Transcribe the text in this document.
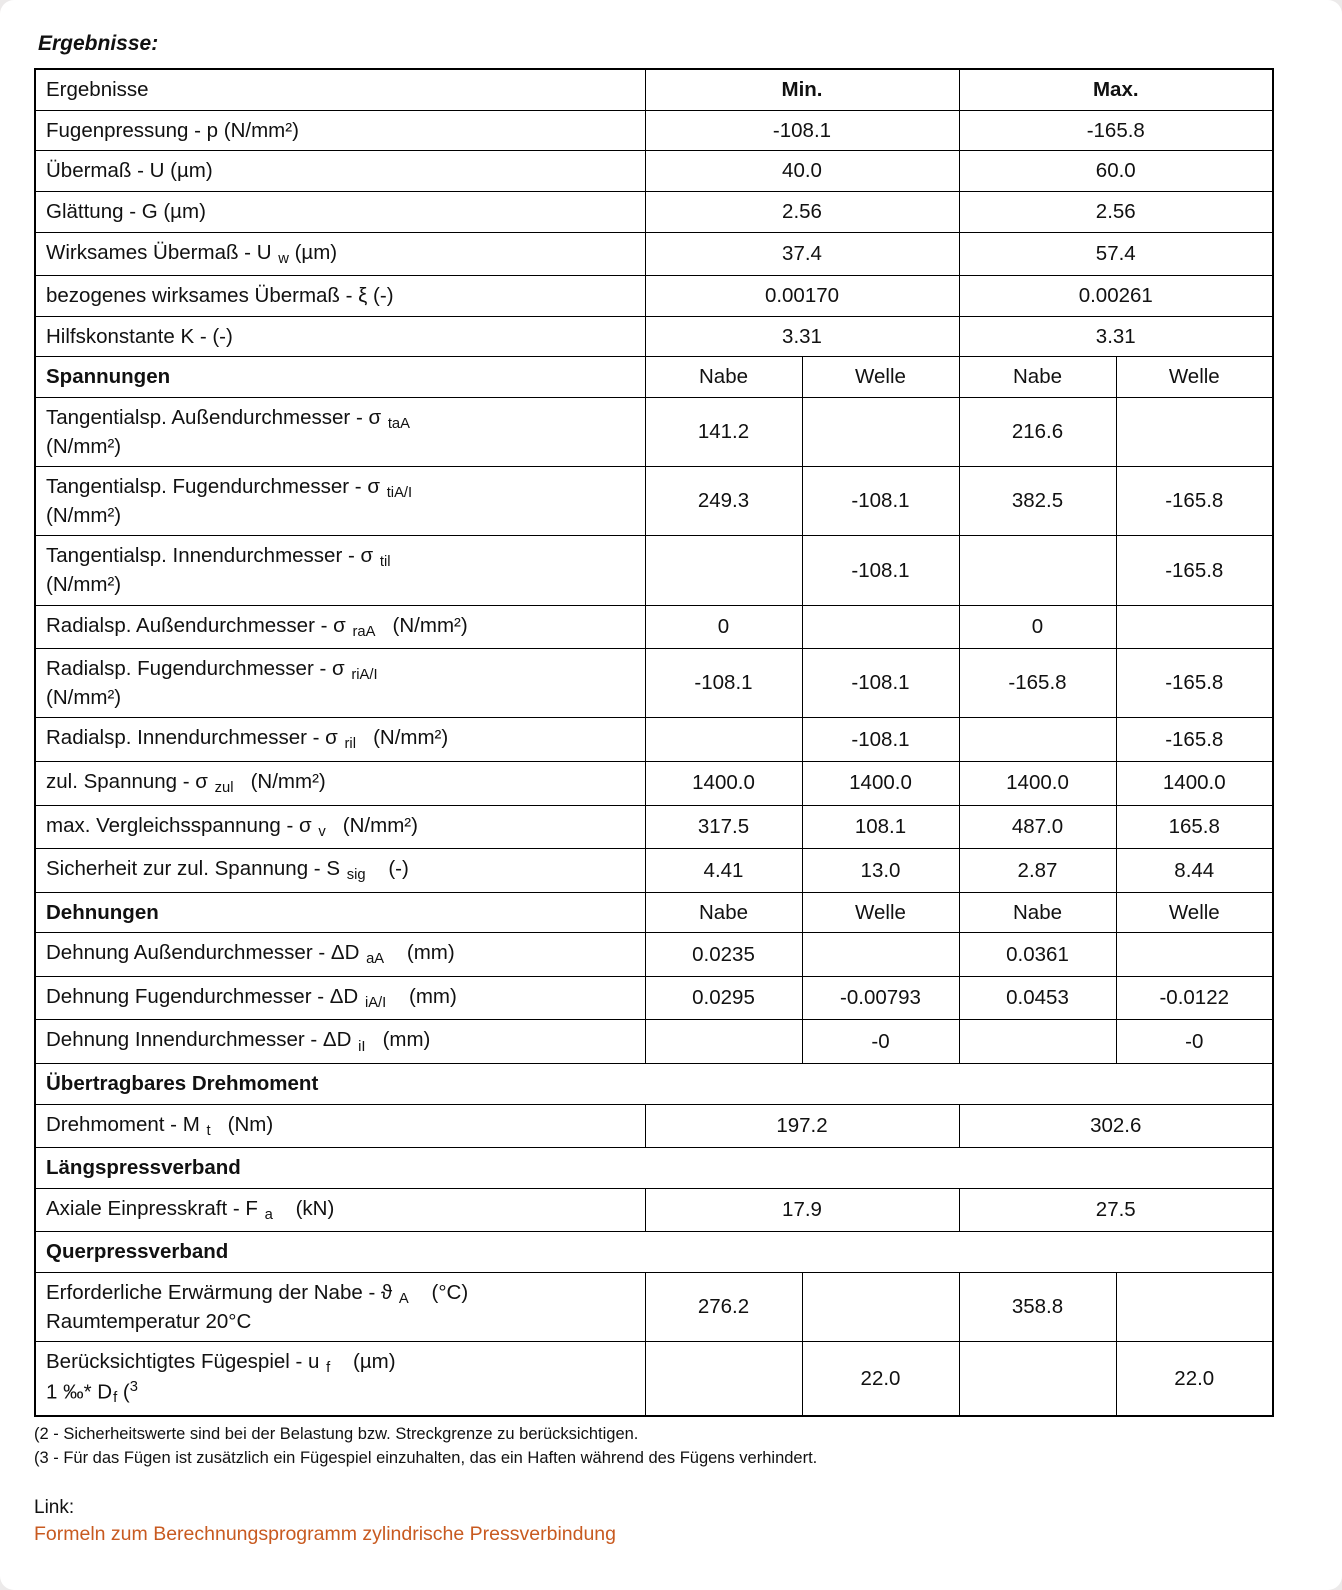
Ergebnisse:
Ergebnisse	Min.		Max.	
Fugenpressung - p (N/mm²)	-108.1		-165.8	
Übermaß - U (µm)	40.0		60.0	
Glättung - G (µm)	2.56		2.56	
Wirksames Übermaß - U $_w$ (µm)	37.4		57.4	
bezogenes wirksames Übermaß - ξ (-)	0.00170		0.00261	
Hilfskonstante K - (-)	3.31		3.31	
Spannungen	Nabe	Welle	Nabe	Welle
Tangentialsp. Außendurchmesser - σ $_{taA}$
(N/mm²)	141.2		216.6	
Tangentialsp. Fugendurchmesser - σ $_{tiA/I}$
(N/mm²)	249.3	-108.1	382.5	-165.8
Tangentialsp. Innendurchmesser - σ $_{til}$
(N/mm²)		-108.1		-165.8
Radialsp. Außendurchmesser - σ $_{raA}$   (N/mm²)	0		0	
Radialsp. Fugendurchmesser - σ $_{riA/I}$
(N/mm²)	-108.1	-108.1	-165.8	-165.8
Radialsp. Innendurchmesser - σ $_{ril}$   (N/mm²)		-108.1		-165.8
zul. Spannung - σ $_{zul}$   (N/mm²)	1400.0	1400.0	1400.0	1400.0
max. Vergleichsspannung - σ $_v$   (N/mm²)	317.5	108.1	487.0	165.8
Sicherheit zur zul. Spannung - S $_{sig}$    (-)	4.41	13.0	2.87	8.44
Dehnungen	Nabe	Welle	Nabe	Welle
Dehnung Außendurchmesser - ΔD $_{aA}$    (mm)	0.0235		0.0361	
Dehnung Fugendurchmesser - ΔD $_{iA/I}$    (mm)	0.0295	-0.00793	0.0453	-0.0122
Dehnung Innendurchmesser - ΔD $_{iI}$   (mm)		-0		-0
Übertragbares Drehmoment				
Drehmoment - M $_t$   (Nm)	197.2		302.6	
Längspressverband				
Axiale Einpresskraft - F $_a$    (kN)	17.9		27.5	
Querpressverband				
Erforderliche Erwärmung der Nabe - ϑ $_A$    (°C)
Raumtemperatur 20°C	276.2		358.8	
Berücksichtigtes Fügespiel - u $_f$    (µm)
1 ‰* $D_f$ ($^3$		22.0		22.0
(2 - Sicherheitswerte sind bei der Belastung bzw. Streckgrenze zu berücksichtigen.
(3 - Für das Fügen ist zusätzlich ein Fügespiel einzuhalten, das ein Haften während des Fügens verhindert.
Link:
Formeln zum Berechnungsprogramm zylindrische Pressverbindung
